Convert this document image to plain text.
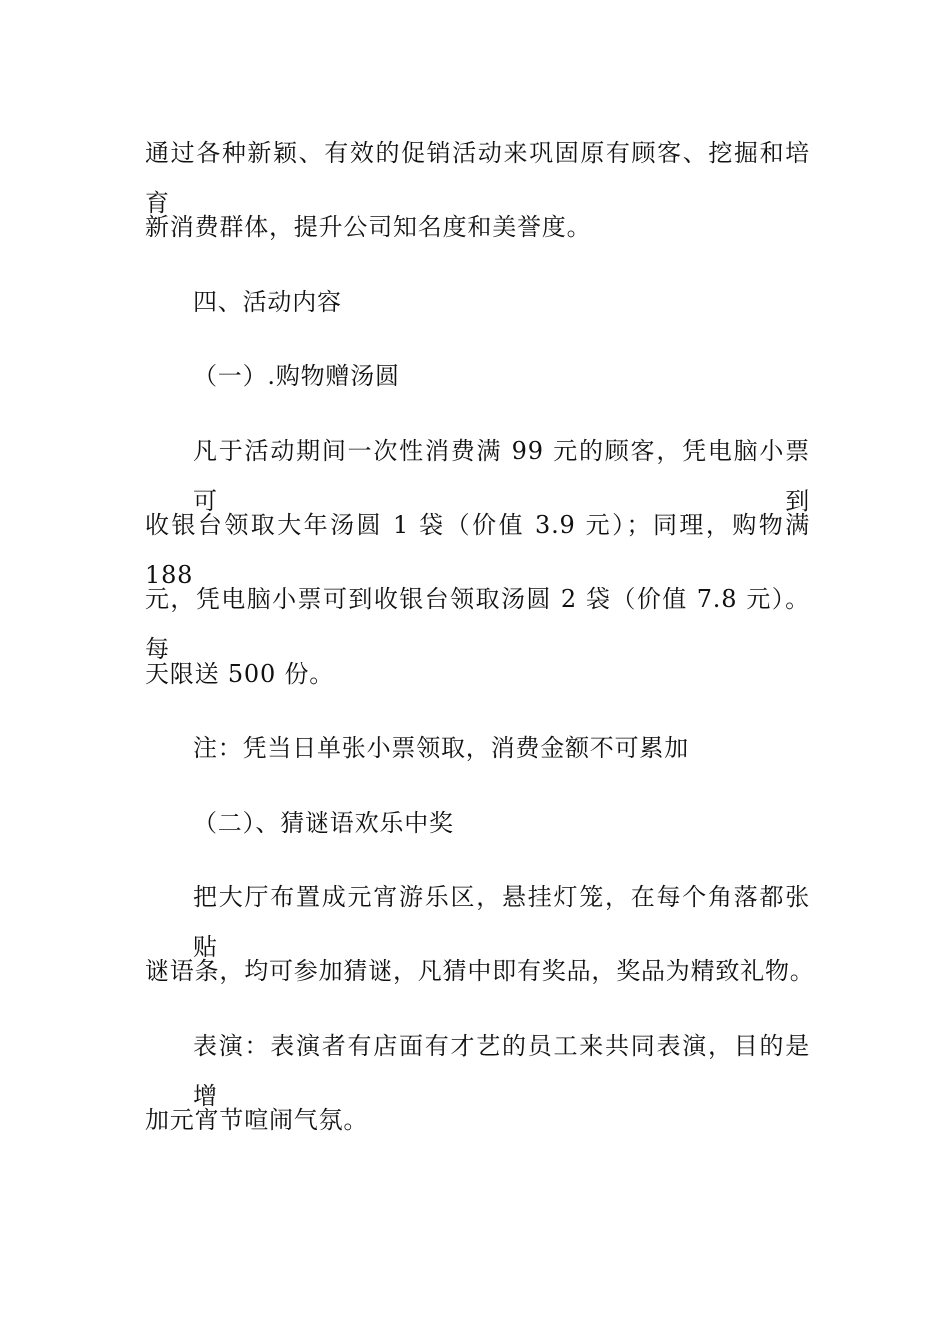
通过各种新颖、有效的促销活动来巩固原有顾客、挖掘和培育
新消费群体，提升公司知名度和美誉度。
四、活动内容
（一）.购物赠汤圆
凡于活动期间一次性消费满 99 元的顾客，凭电脑小票可到
收银台领取大年汤圆 1 袋（价值 3.9 元）；同理，购物满 188
元，凭电脑小票可到收银台领取汤圆 2 袋（价值 7.8 元）。每
天限送 500 份。
注：凭当日单张小票领取，消费金额不可累加
（二）、猜谜语欢乐中奖
把大厅布置成元宵游乐区，悬挂灯笼，在每个角落都张贴
谜语条，均可参加猜谜，凡猜中即有奖品，奖品为精致礼物。
表演：表演者有店面有才艺的员工来共同表演，目的是增
加元宵节喧闹气氛。
